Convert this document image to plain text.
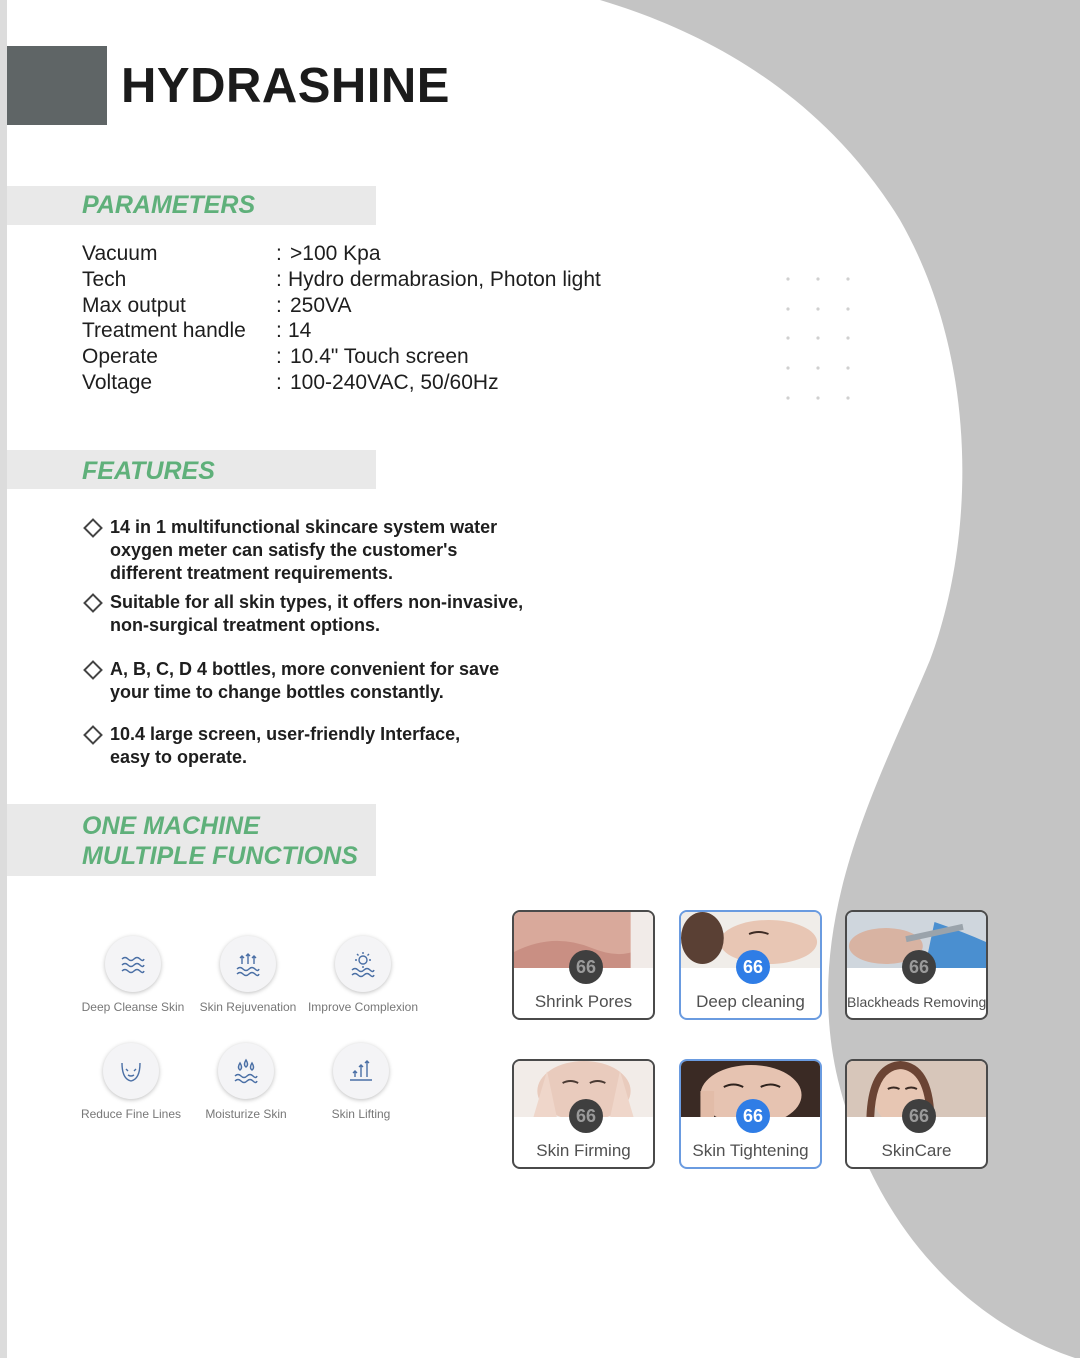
HYDRASHINE
PARAMETERS
Vacuum	: >100 Kpa
Tech	: Hydro dermabrasion, Photon light
Max output	: 250VA
Treatment handle	: 14
Operate	: 10.4" Touch screen
Voltage	: 100-240VAC, 50/60Hz
FEATURES
14 in 1 multifunctional skincare system water oxygen meter can satisfy the customer's different treatment requirements.
Suitable for all skin types, it offers non-invasive, non-surgical treatment options.
A, B, C, D 4 bottles, more convenient for save your time to change bottles constantly.
10.4 large screen, user-friendly Interface, easy to operate.
ONE MACHINE
MULTIPLE FUNCTIONS
Deep Cleanse Skin	Skin Rejuvenation Improve Complexion
Reduce Fine Lines	Moisturize Skin	Skin Lifting
66
Shrink Pores
66
Deep cleaning
66
Blackheads Removing
66
Skin Firming
66
Skin Tightening
66
SkinCare
